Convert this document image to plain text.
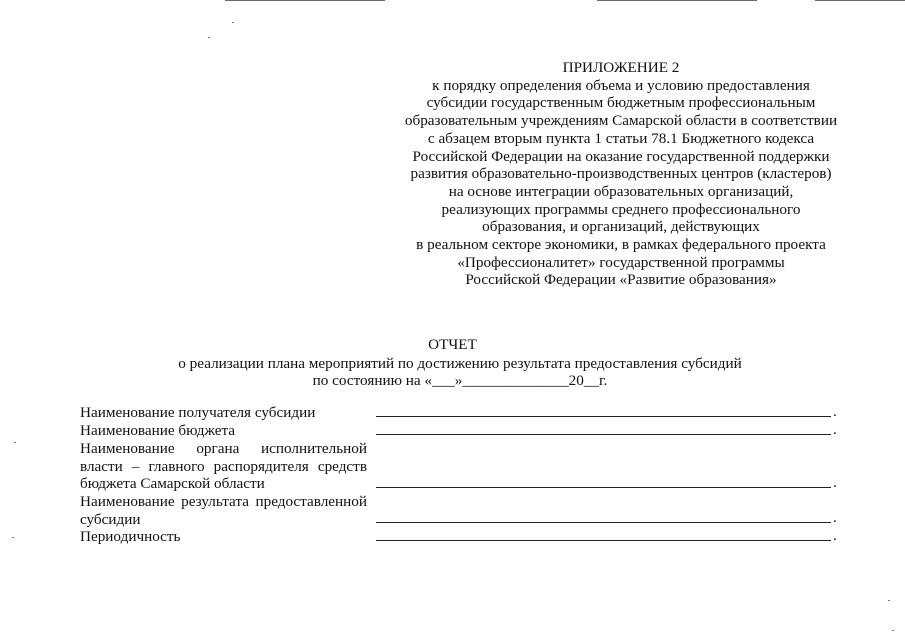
ПРИЛОЖЕНИЕ 2
к порядку определения объема и условию предоставления
субсидии государственным бюджетным профессиональным
образовательным учреждениям Самарской области в соответствии
с абзацем вторым пункта 1 статьи 78.1 Бюджетного кодекса
Российской Федерации на оказание государственной поддержки
развития образовательно-производственных центров (кластеров)
на основе интеграции образовательных организаций,
реализующих программы среднего профессионального
образования, и организаций, действующих
в реальном секторе экономики, в рамках федерального проекта
«Профессионалитет» государственной программы
Российской Федерации «Развитие образования»
ОТЧЕТ
о реализации плана мероприятий по достижению результата предоставления субсидий
по состоянию на «___»______________20__г.
Наименование получателя субсидии	.
Наименование бюджета	.
Наименование органа исполнительной власти – главного распорядителя средств бюджета Самарской области	.
Наименование результата предоставленной субсидии	.
Периодичность	.
